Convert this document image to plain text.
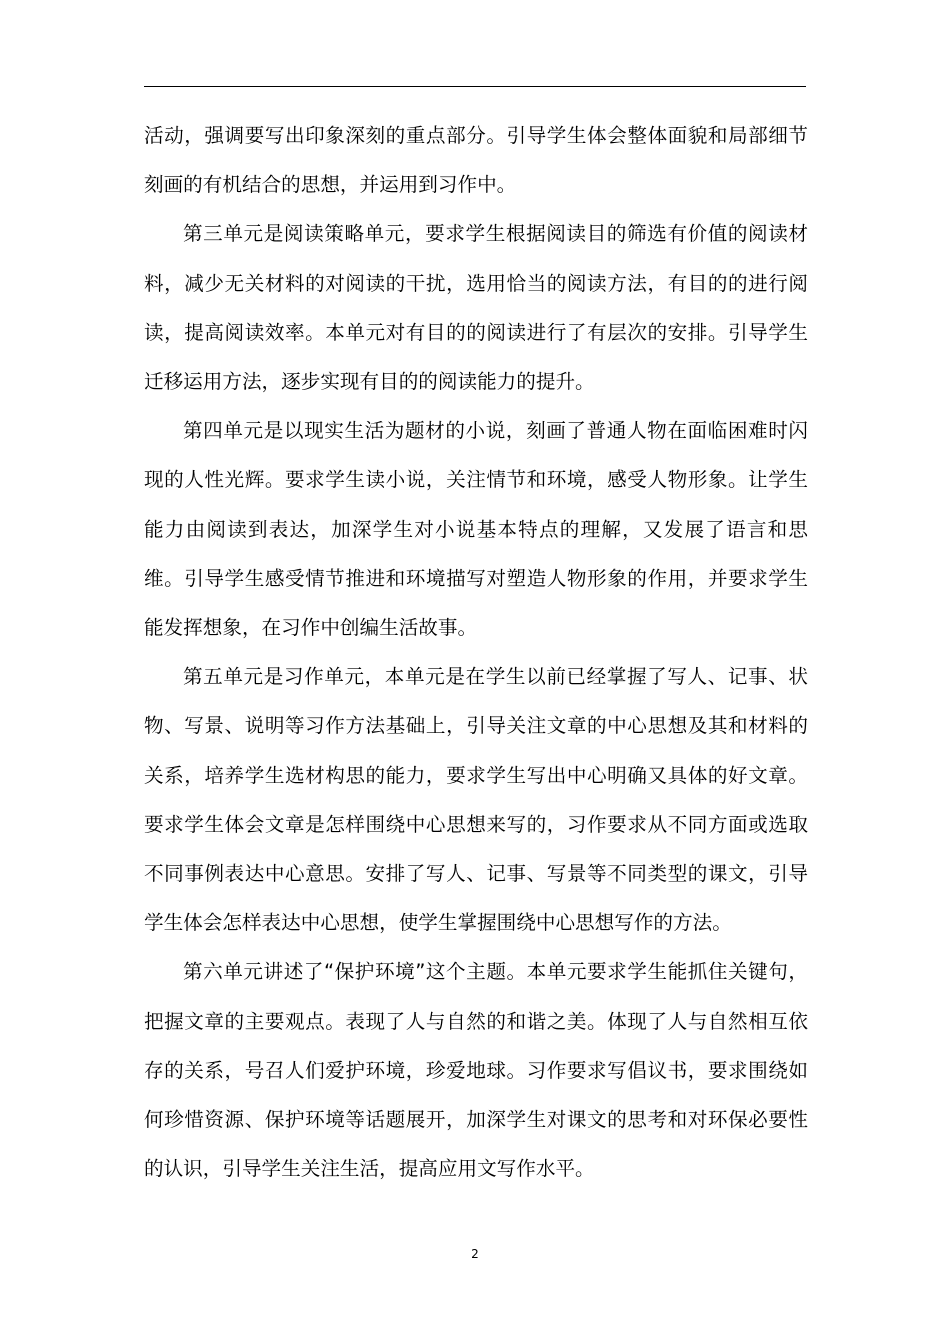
活动，强调要写出印象深刻的重点部分。引导学生体会整体面貌和局部细节刻画的有机结合的思想，并运用到习作中。

第三单元是阅读策略单元，要求学生根据阅读目的筛选有价值的阅读材料，减少无关材料的对阅读的干扰，选用恰当的阅读方法，有目的的进行阅读，提高阅读效率。本单元对有目的的阅读进行了有层次的安排。引导学生迁移运用方法，逐步实现有目的的阅读能力的提升。

第四单元是以现实生活为题材的小说，刻画了普通人物在面临困难时闪现的人性光辉。要求学生读小说，关注情节和环境，感受人物形象。让学生能力由阅读到表达，加深学生对小说基本特点的理解，又发展了语言和思维。引导学生感受情节推进和环境描写对塑造人物形象的作用，并要求学生能发挥想象，在习作中创编生活故事。

第五单元是习作单元，本单元是在学生以前已经掌握了写人、记事、状物、写景、说明等习作方法基础上，引导关注文章的中心思想及其和材料的关系，培养学生选材构思的能力，要求学生写出中心明确又具体的好文章。要求学生体会文章是怎样围绕中心思想来写的，习作要求从不同方面或选取不同事例表达中心意思。安排了写人、记事、写景等不同类型的课文，引导学生体会怎样表达中心思想，使学生掌握围绕中心思想写作的方法。

第六单元讲述了“保护环境”这个主题。本单元要求学生能抓住关键句，把握文章的主要观点。表现了人与自然的和谐之美。体现了人与自然相互依存的关系，号召人们爱护环境，珍爱地球。习作要求写倡议书，要求围绕如何珍惜资源、保护环境等话题展开，加深学生对课文的思考和对环保必要性的认识，引导学生关注生活，提高应用文写作水平。

2
